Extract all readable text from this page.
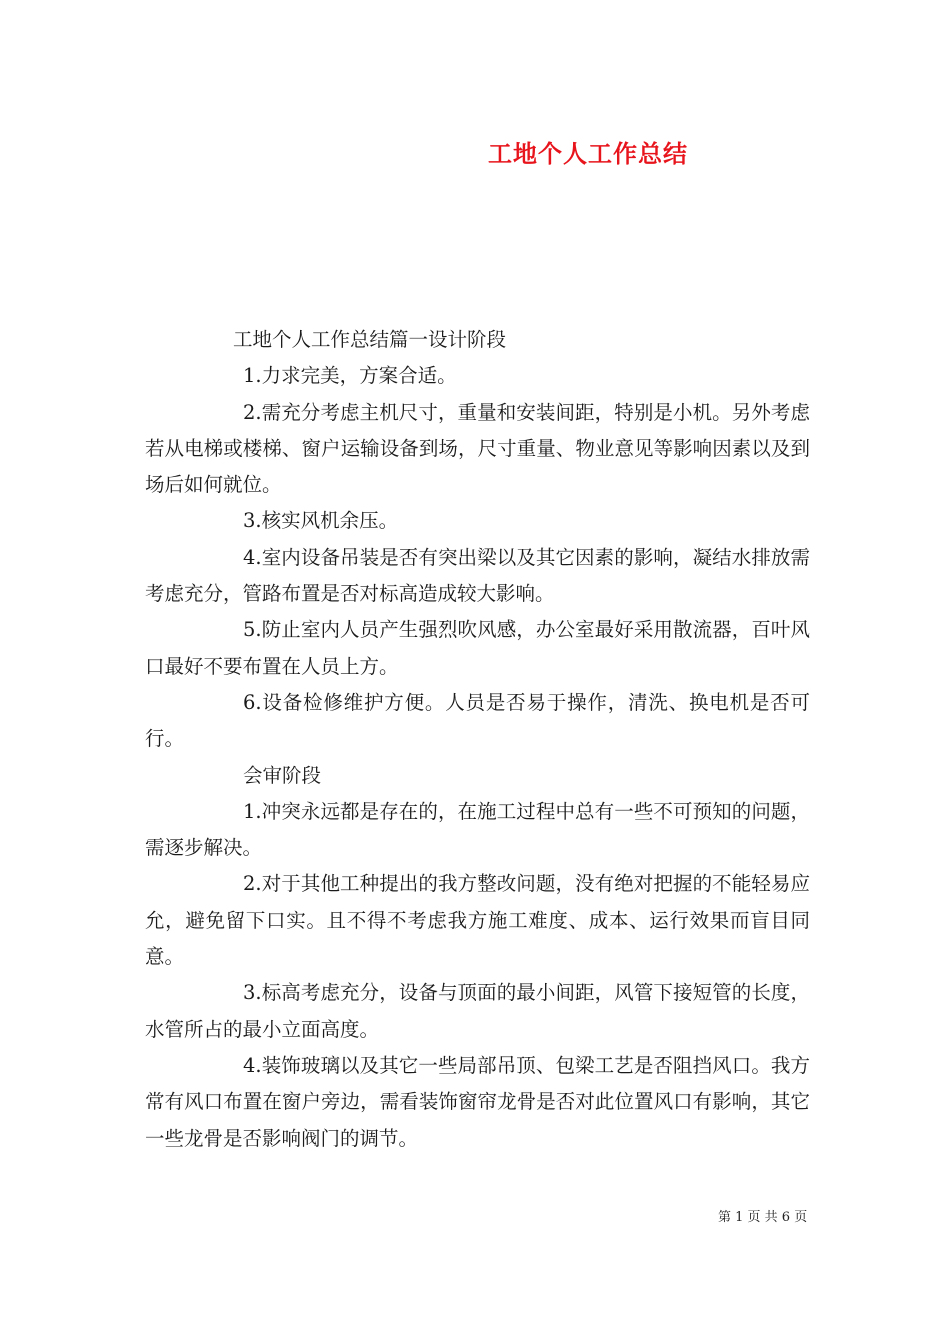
工地个人工作总结

工地个人工作总结篇一设计阶段

1.力求完美，方案合适。

2.需充分考虑主机尺寸，重量和安装间距，特别是小机。另外考虑若从电梯或楼梯、窗户运输设备到场，尺寸重量、物业意见等影响因素以及到场后如何就位。

3.核实风机余压。

4.室内设备吊装是否有突出梁以及其它因素的影响，凝结水排放需考虑充分，管路布置是否对标高造成较大影响。

5.防止室内人员产生强烈吹风感，办公室最好采用散流器，百叶风口最好不要布置在人员上方。

6.设备检修维护方便。人员是否易于操作，清洗、换电机是否可行。

会审阶段

1.冲突永远都是存在的，在施工过程中总有一些不可预知的问题，需逐步解决。

2.对于其他工种提出的我方整改问题，没有绝对把握的不能轻易应允，避免留下口实。且不得不考虑我方施工难度、成本、运行效果而盲目同意。

3.标高考虑充分，设备与顶面的最小间距，风管下接短管的长度，水管所占的最小立面高度。

4.装饰玻璃以及其它一些局部吊顶、包梁工艺是否阻挡风口。我方常有风口布置在窗户旁边，需看装饰窗帘龙骨是否对此位置风口有影响，其它一些龙骨是否影响阀门的调节。

第 1 页 共 6 页
